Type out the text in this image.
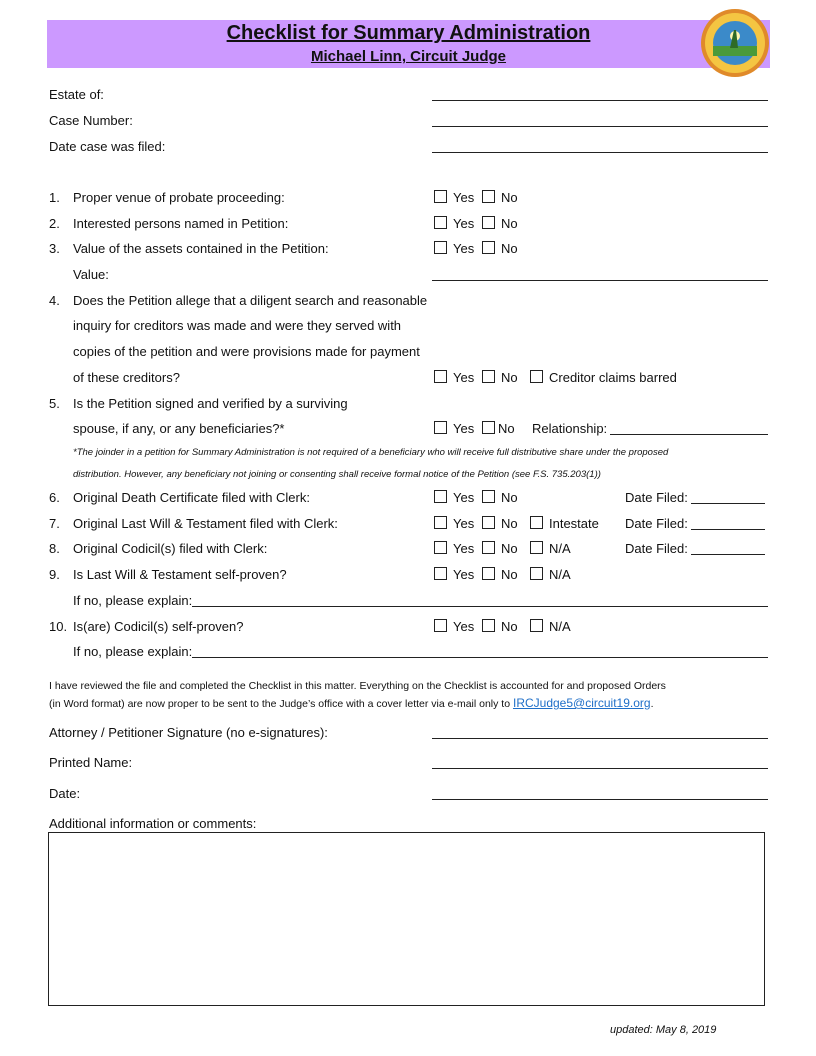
Checklist for Summary Administration
Michael Linn, Circuit Judge
Estate of:
Case Number:
Date case was filed:
1. Proper venue of probate proceeding:	Yes No
2. Interested persons named in Petition:	Yes No
3. Value of the assets contained in the Petition:	Yes No
Value:
4. Does the Petition allege that a diligent search and reasonable
inquiry for creditors was made and were they served with
copies of the petition and were provisions made for payment
of these creditors?	Yes No Creditor claims barred
5. Is the Petition signed and verified by a surviving
spouse, if any, or any beneficiaries?*	Yes No Relationship:
*The joinder in a petition for Summary Administration is not required of a beneficiary who will receive full distributive share under the proposed
distribution. However, any beneficiary not joining or consenting shall receive formal notice of the Petition (see F.S. 735.203(1))
6. Original Death Certificate filed with Clerk:	Yes No	Date Filed:
7. Original Last Will & Testament filed with Clerk:	Yes No Intestate Date Filed:
8. Original Codicil(s) filed with Clerk:	Yes No N/A	Date Filed:
9. Is Last Will & Testament self-proven?	Yes No N/A
If no, please explain:
10. Is(are) Codicil(s) self-proven?	Yes No N/A
If no, please explain:
I have reviewed the file and completed the Checklist in this matter. Everything on the Checklist is accounted for and proposed Orders
(in Word format) are now proper to be sent to the Judge’s office with a cover letter via e-mail only to IRCJudge5@circuit19.org.
Attorney / Petitioner Signature (no e-signatures):
Printed Name:
Date:
Additional information or comments:
updated: May 8, 2019
